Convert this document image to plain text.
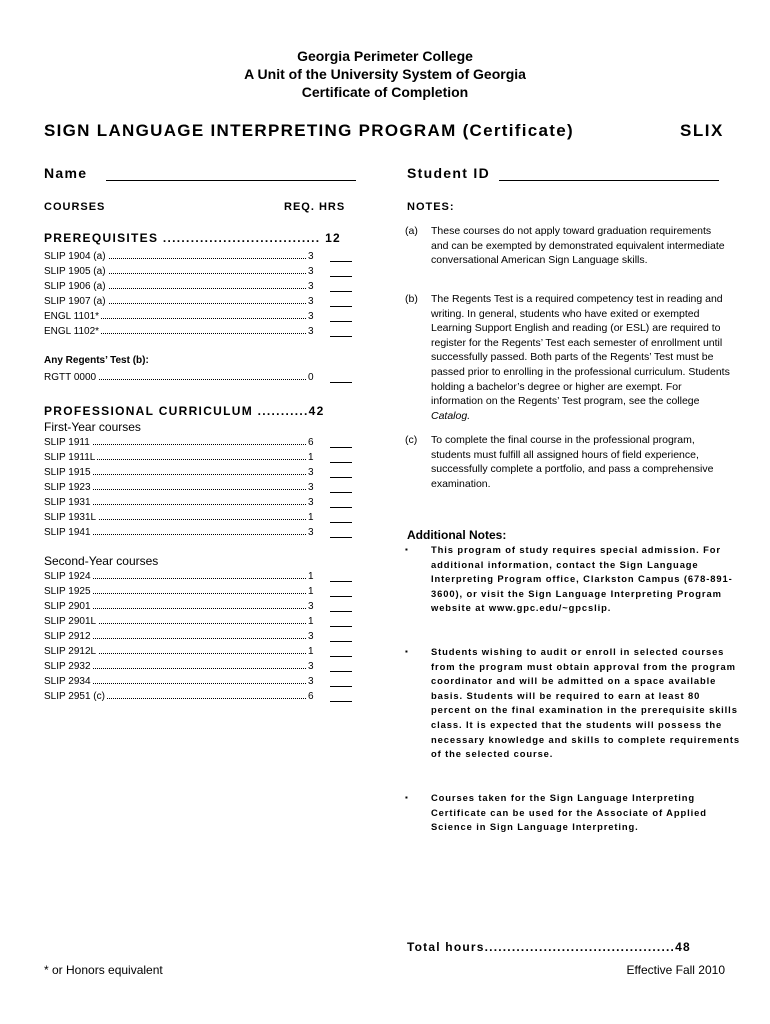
Georgia Perimeter College
A Unit of the University System of Georgia
Certificate of Completion
SIGN LANGUAGE INTERPRETING PROGRAM (Certificate)	SLIX
Name	Student ID
COURSES	REQ. HRS	NOTES:
PREREQUISITES .................................. 12
SLIP 1904 (a)	3
SLIP 1905 (a)	3
SLIP 1906 (a)	3
SLIP 1907 (a)	3
ENGL 1101*	3
ENGL 1102*	3
Any Regents’ Test (b):
RGTT 0000	0
PROFESSIONAL CURRICULUM ...........42
First-Year courses
SLIP 1911	6
SLIP 1911L	1
SLIP 1915	3
SLIP 1923	3
SLIP 1931	3
SLIP 1931L	1
SLIP 1941	3
Second-Year courses
SLIP 1924	1
SLIP 1925	1
SLIP 2901	3
SLIP 2901L	1
SLIP 2912	3
SLIP 2912L	1
SLIP 2932	3
SLIP 2934	3
SLIP 2951 (c)	6
(a) These courses do not apply toward graduation requirements and can be exempted by demonstrated equivalent intermediate conversational American Sign Language skills.
(b) The Regents Test is a required competency test in reading and writing. In general, students who have exited or exempted Learning Support English and reading (or ESL) are required to register for the Regents’ Test each semester of enrollment until successfully passed. Both parts of the Regents’ Test must be passed prior to enrolling in the professional curriculum. Students holding a bachelor’s degree or higher are exempt. For information on the Regents’ Test program, see the college Catalog.
(c) To complete the final course in the professional program, students must fulfill all assigned hours of field experience, successfully complete a portfolio, and pass a comprehensive examination.
Additional Notes:
▪ This program of study requires special admission. For additional information, contact the Sign Language Interpreting Program office, Clarkston Campus (678-891-3600), or visit the Sign Language Interpreting Program website at www.gpc.edu/~gpcslip.
▪ Students wishing to audit or enroll in selected courses from the program must obtain approval from the program coordinator and will be admitted on a space available basis. Students will be required to earn at least 80 percent on the final examination in the prerequisite skills class. It is expected that the students will possess the necessary knowledge and skills to complete requirements of the selected course.
▪ Courses taken for the Sign Language Interpreting Certificate can be used for the Associate of Applied Science in Sign Language Interpreting.
Total hours..........................................48
* or Honors equivalent	Effective Fall 2010
